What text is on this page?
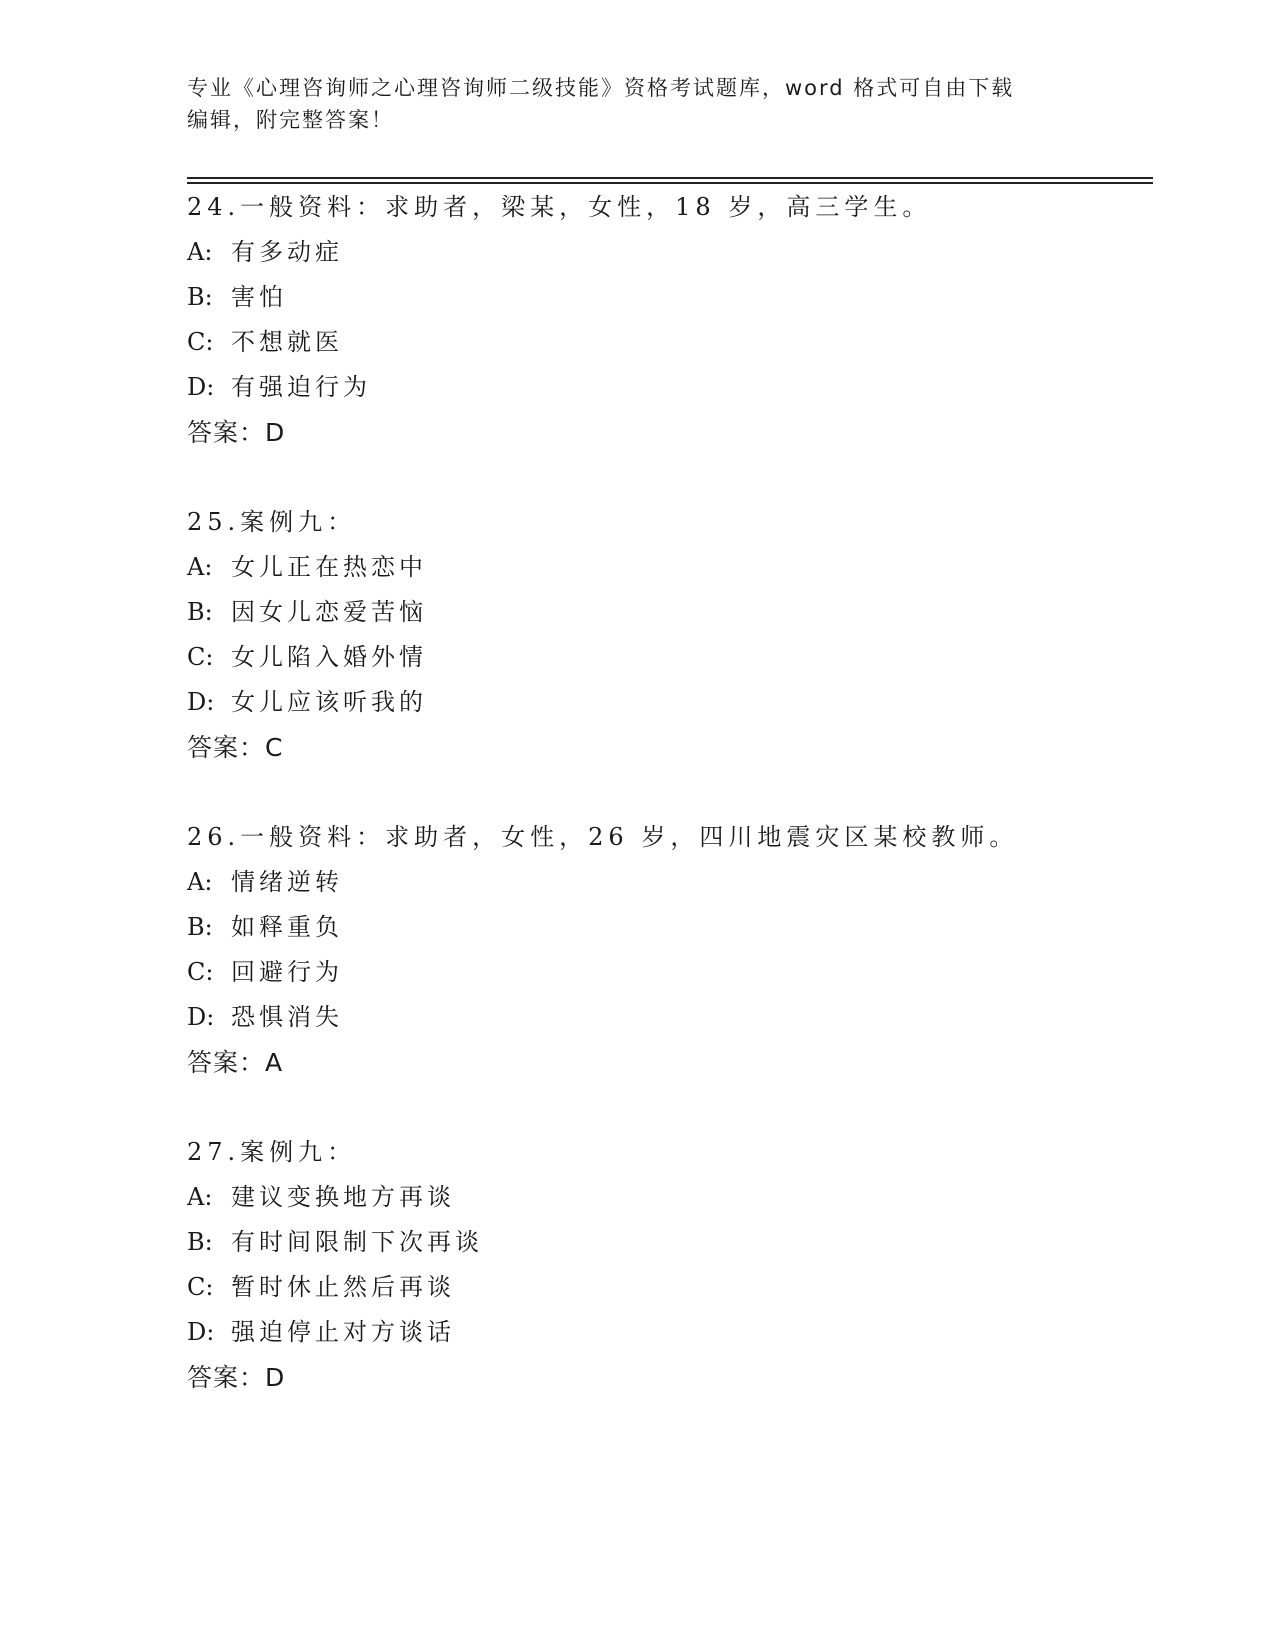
专业《心理咨询师之心理咨询师二级技能》资格考试题库，word 格式可自由下载
编辑，附完整答案！
24.一般资料：求助者，梁某，女性，18 岁，高三学生。
A: 有多动症
B: 害怕
C: 不想就医
D: 有强迫行为
答案：D
25.案例九：
A: 女儿正在热恋中
B: 因女儿恋爱苦恼
C: 女儿陷入婚外情
D: 女儿应该听我的
答案：C
26.一般资料：求助者，女性，26 岁，四川地震灾区某校教师。
A: 情绪逆转
B: 如释重负
C: 回避行为
D: 恐惧消失
答案：A
27.案例九：
A: 建议变换地方再谈
B: 有时间限制下次再谈
C: 暂时休止然后再谈
D: 强迫停止对方谈话
答案：D
